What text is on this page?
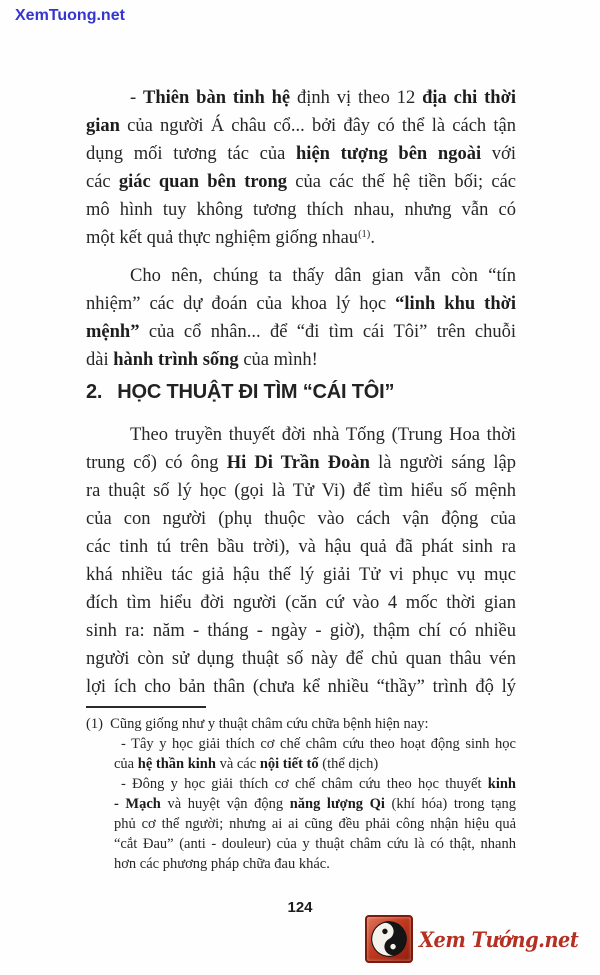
XemTuong.net
- Thiên bàn tinh hệ định vị theo 12 địa chi thời
gian của người Á châu cổ... bởi đây có thể là cách tận
dụng mối tương tác của hiện tượng bên ngoài với
các giác quan bên trong của các thế hệ tiền bối; các
mô hình tuy không tương thích nhau, nhưng vẫn có
một kết quả thực nghiệm giống nhau$^{(1)}$.
Cho nên, chúng ta thấy dân gian vẫn còn “tín
nhiệm” các dự đoán của khoa lý học “linh khu thời
mệnh” của cổ nhân... để “đi tìm cái Tôi” trên chuỗi
dài hành trình sống của mình!
2. HỌC THUẬT ĐI TÌM “CÁI TÔI”
Theo truyền thuyết đời nhà Tống (Trung Hoa thời
trung cổ) có ông Hi Di Trần Đoàn là người sáng lập
ra thuật số lý học (gọi là Tử Vi) để tìm hiểu số mệnh
của con người (phụ thuộc vào cách vận động của
các tinh tú trên bầu trời), và hậu quả đã phát sinh ra
khá nhiều tác giả hậu thế lý giải Tử vi phục vụ mục
đích tìm hiểu đời người (căn cứ vào 4 mốc thời gian
sinh ra: năm - tháng - ngày - giờ), thậm chí có nhiều
người còn sử dụng thuật số này để chủ quan thâu vén
lợi ích cho bản thân (chưa kể nhiều “thầy” trình độ lý
(1)  Cũng giống như y thuật châm cứu chữa bệnh hiện nay:
- Tây y học giải thích cơ chế châm cứu theo hoạt động sinh học
của hệ thần kinh và các nội tiết tố (thể dịch)
- Đông y học giải thích cơ chế châm cứu theo học thuyết kinh
- Mạch và huyệt vận động năng lượng Qi (khí hóa) trong tạng
phủ cơ thể người; nhưng ai ai cũng đều phải công nhận hiệu quả
“cắt Đau” (anti - douleur) của y thuật châm cứu là có thật, nhanh
hơn các phương pháp chữa đau khác.
124
Xem Tướng.net
